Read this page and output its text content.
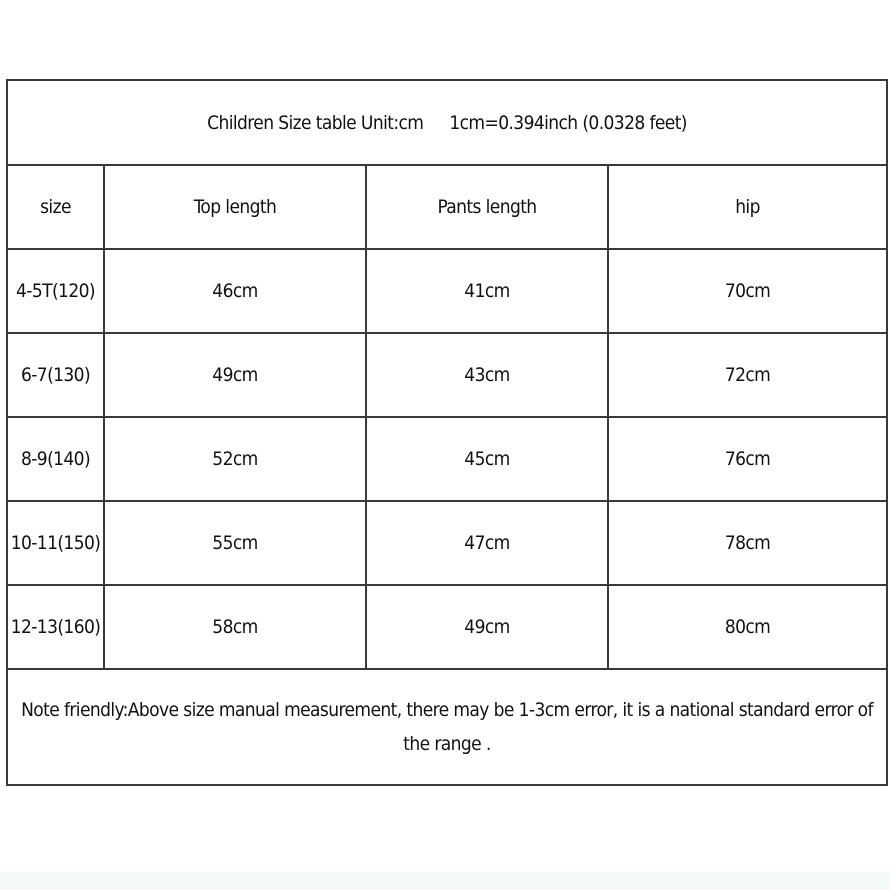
Children Size table Unit:cm 1cm=0.394inch (0.0328 feet)			
size	Top length	Pants length	hip
4-5T(120)	46cm	41cm	70cm
6-7(130)	49cm	43cm	72cm
8-9(140)	52cm	45cm	76cm
10-11(150)	55cm	47cm	78cm
12-13(160)	58cm	49cm	80cm
Note friendly:Above size manual measurement, there may be 1-3cm error, it is a national standard error of the range .			
